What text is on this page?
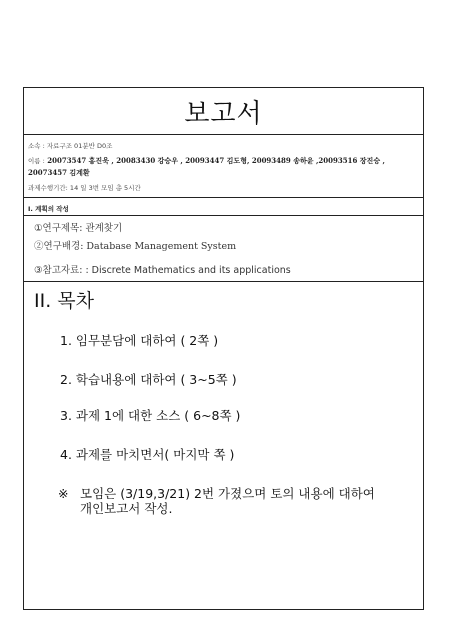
보고서
소속 : 자료구조 01분반 D0조
이름 : 20073547 홍진욱 , 20083430 강승우 , 20093447 김도형, 20093489 송하윤 ,20093516 장진승 , 20073457 김계환
과제수행기간: 14 일 3번 모임 총 5시간
I. 계획의 작성
①연구제목: 관계찾기
②연구배경: Database Management System
③참고자료: : Discrete Mathematics and its applications
II. 목차
1. 임무분담에 대하여 ( 2쪽 )
2. 학습내용에 대하여 ( 3~5쪽 )
3. 과제 1에 대한 소스 ( 6~8쪽 )
4. 과제를 마치면서( 마지막 쪽 )
※ 모임은 (3/19,3/21) 2번 가졌으며 토의 내용에 대하여 개인보고서 작성.
